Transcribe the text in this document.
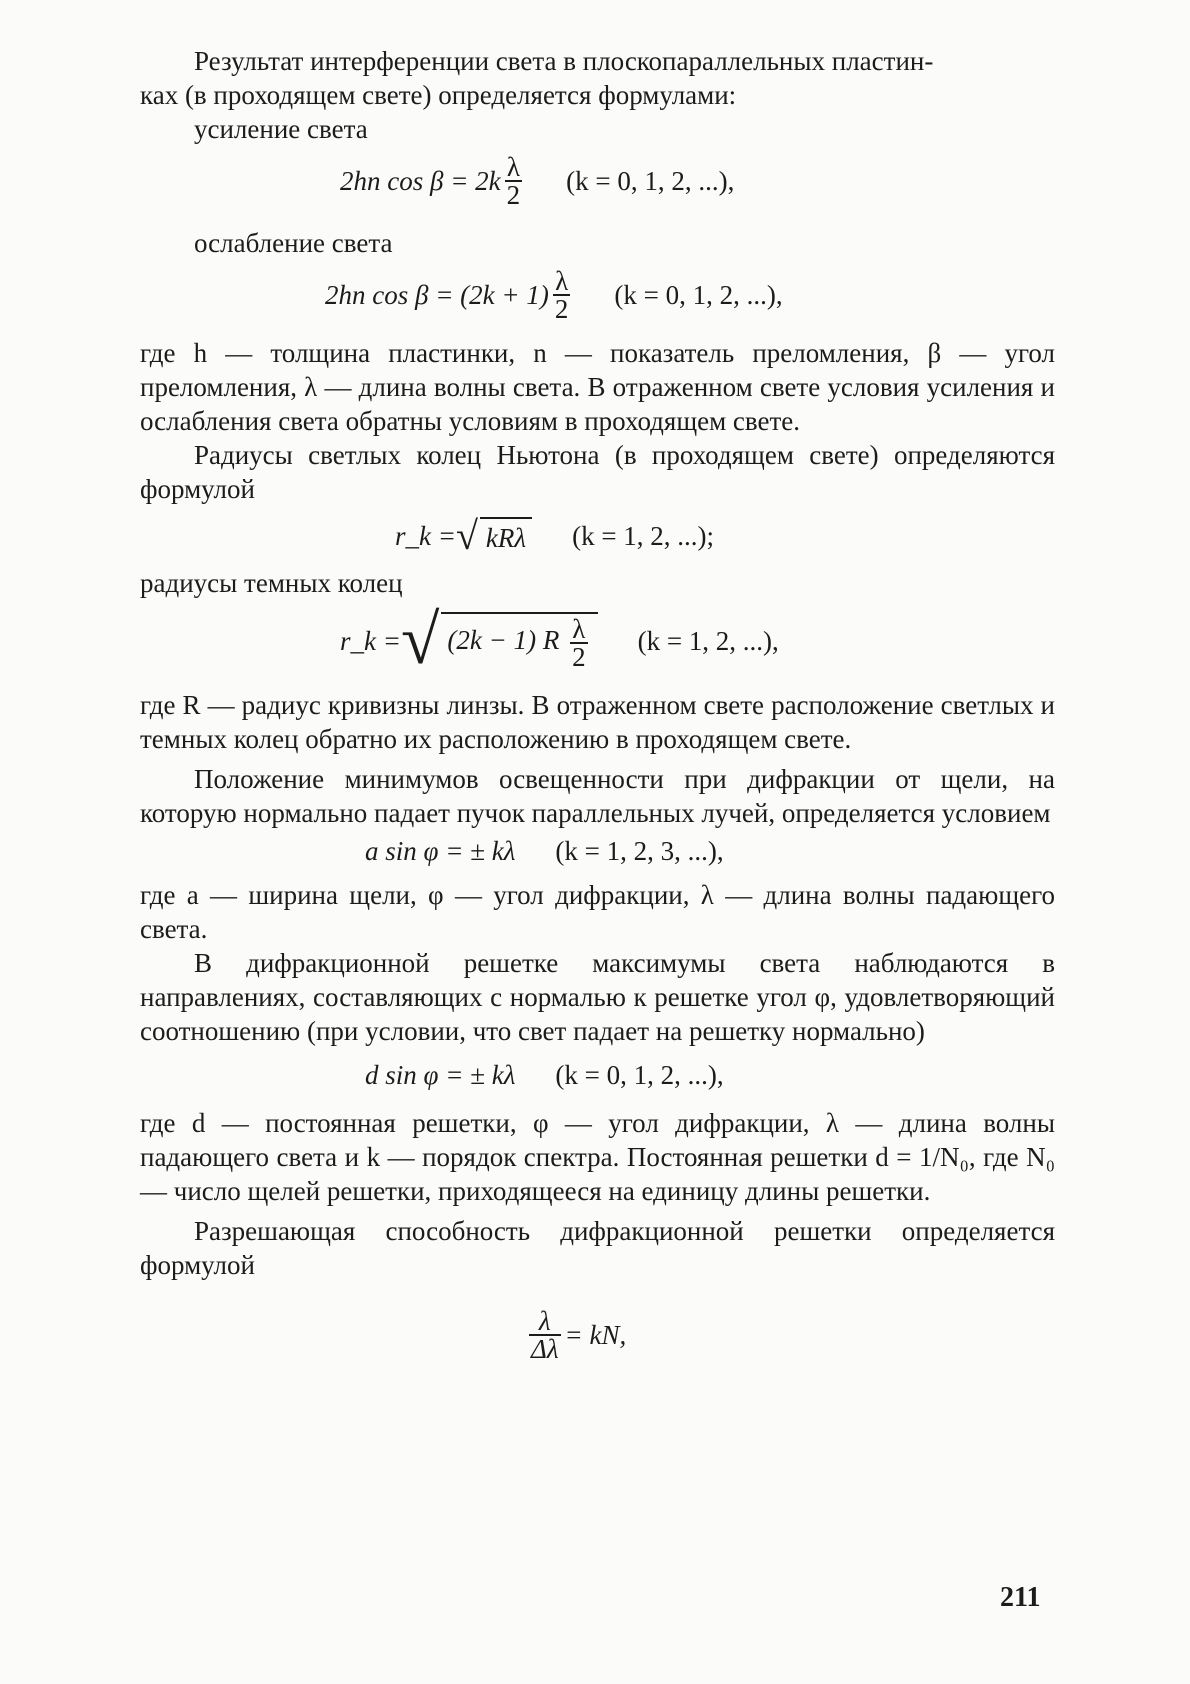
Результат интерференции света в плоскопараллельных пластин-
ках (в проходящем свете) определяется формулами:

усиление света

2hn $\cos \beta = 2k \frac{\lambda}{2} (k = 0$, 1, 2, ...),

ослабление света

2hn $\cos \beta = (2k + 1) \frac{\lambda}{2} (k = 0$, 1, 2, ...),

где h — толщина пластинки, n — показатель преломления, β — угол преломления, λ — длина волны света. В отраженном свете условия усиления и ослабления света обратны условиям в проходящем свете.

Радиусы светлых колец Ньютона (в проходящем свете) определяются формулой

r_k = √ kRλ (k = 1, 2, ...);

радиусы темных колец

r_k = √ (2k − 1) R $\frac{\lambda}{2} (k = 1$, 2, ...),

где R — радиус кривизны линзы. В отраженном свете расположение светлых и темных колец обратно их расположению в проходящем свете.

Положение минимумов освещенности при дифракции от щели, на которую нормально падает пучок параллельных лучей, определяется условием

a sin φ = ± kλ (k = 1, 2, 3, ...),

где a — ширина щели, φ — угол дифракции, λ — длина волны падающего света.

В дифракционной решетке максимумы света наблюдаются в направлениях, составляющих с нормалью к решетке угол φ, удовлетворяющий соотношению (при условии, что свет падает на решетку нормально)

d sin φ = ± kλ (k = 0, 1, 2, ...),

где d — постоянная решетки, φ — угол дифракции, λ — длина волны падающего света и k — порядок спектра. Постоянная решетки d = 1/N₀, где N₀ — число щелей решетки, приходящееся на единицу длины решетки.

Разрешающая способность дифракционной решетки определяется формулой

$\frac{\lambda}{\Delta\lambda}$ = kN,
211
